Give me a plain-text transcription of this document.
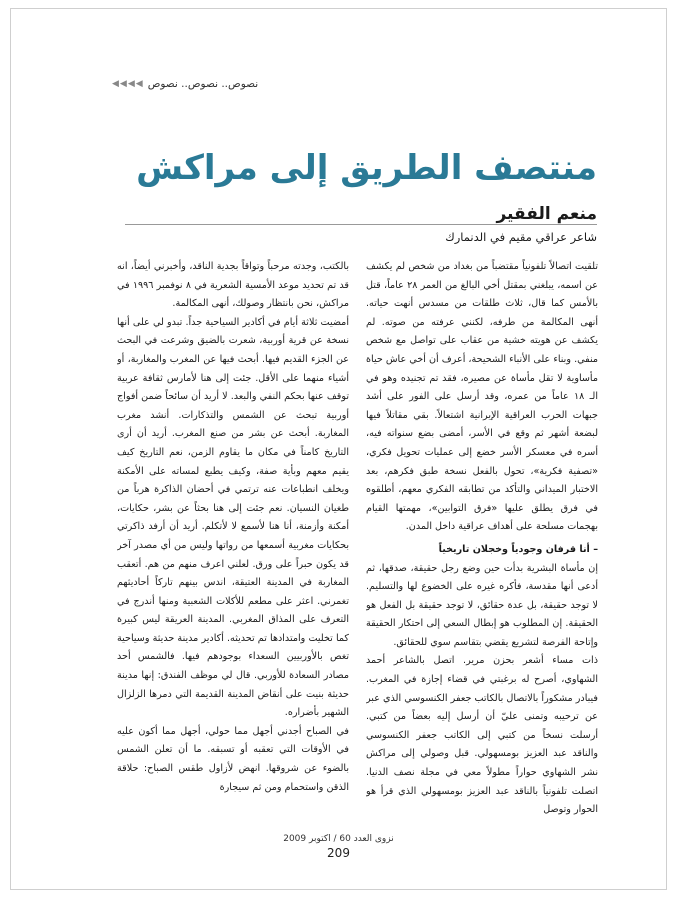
نصوص.. نصوص.. نصوص
◀◀◀◀
منتصف الطريق إلى مراكش
منعم الفقير
شاعر عراقي مقيم في الدنمارك

تلقيت اتصالاً تلفونياً مقتضباً من بغداد من شخص لم يكشف عن اسمه، يبلغني بمقتل أخي البالغ من العمر ٢٨ عاماً، قتل بالأمس كما قال، ثلاث طلقات من مسدس أنهت حياته. أنهى المكالمة من طرفه، لكنني عرفته من صوته. لم يكشف عن هويته خشية من عقاب على تواصل مع شخص منفي. وبناء على الأنباء الشحيحة، أعرف أن أخي عاش حياة مأساوية لا تقل مأساة عن مصيره، فقد تم تجنيده وهو في الـ ١٨ عاماً من عمره، وقد أرسل على الفور على أشد جبهات الحرب العراقية الإيرانية اشتعالاً. بقي مقاتلاً فيها لبضعة أشهر ثم وقع في الأسر، أمضى بضع سنواته فيه، أسره في معسكر الأسر خضع إلى عمليات تحويل فكري، «تصفية فكرية»، تحول بالفعل نسخة طبق فكرهم، بعد الاختبار الميداني والتأكد من تطابقه الفكري معهم، أطلقوه في فرق يطلق عليها «فرق التوابين»، مهمتها القيام بهجمات مسلحة على أهداف عراقية داخل المدن.

– أنا قرفان وجودياً وخجلان تاريخياً

إن مأساة البشرية بدأت حين وضع رجل حقيقة، صدقها، ثم أدعى أنها مقدسة، فأكره غيره على الخضوع لها والتسليم. لا توجد حقيقة، بل عدة حقائق، لا توجد حقيقة بل الفعل هو الحقيقة. إن المطلوب هو إبطال السعي إلى احتكار الحقيقة وإتاحة الفرصة لتشريع يقضي بتقاسم سوي للحقائق.

ذات مساء أشعر بحزن مرير. اتصل بالشاعر أحمد الشهاوي، أصرح له برغبتي في قضاء إجازة في المغرب. فيبادر مشكوراً بالاتصال بالكاتب جعفر الكنسوسي الذي عبر عن ترحيبه وتمنى عليّ أن أرسل إليه بعضاً من كتبي. أرسلت نسخاً من كتبي إلى الكاتب جعفر الكنسوسي والناقد عبد العزيز بومسهولي. قبل وصولي إلى مراكش نشر الشهاوي حواراً مطولاً معي في مجلة نصف الدنيا. اتصلت تلفونياً بالناقد عبد العزيز بومسهولي الذي قرأ هو الحوار وتوصل

بالكتب، وجدته مرحباً وتواقاً بجدية الناقد، وأخبرني أيضاً، انه قد تم تحديد موعد الأمسية الشعرية في ٨ نوفمبر ١٩٩٦ في مراكش، نحن بانتظار وصولك، أنهى المكالمة.

أمضيت ثلاثة أيام في أكادير السياحية جداً. تبدو لي على أنها نسخة عن قرية أوربية، شعرت بالضيق وشرعت في البحث عن الجزء القديم فيها. أبحث فيها عن المغرب والمغاربة، أو أشياء منهما على الأقل. جئت إلى هنا لأمارس ثقافة عربية توقف عنها بحكم النفي والبعد. لا أريد أن سائحاً ضمن أفواج أوربية تبحث عن الشمس والتذكارات. أنشد مغرب المغاربة. أبحث عن بشر من صنع المغرب. أريد أن أرى التاريخ كامناً في مكان ما يقاوم الزمن، نعم التاريخ كيف يقيم معهم وبأية صفة، وكيف يطبع لمساته على الأمكنة ويخلف انطباعات عنه ترتمي في أحضان الذاكرة هرباً من طغيان النسيان. نعم جئت إلى هنا بحثاً عن بشر، حكايات، أمكنة وأزمنة، أنا هنا لأسمع لا لأتكلم. أريد أن أرفد ذاكرتي بحكايات مغربية أسمعها من رواتها وليس من أي مصدر آخر قد يكون حبراً على ورق. لعلني اعرف منهم من هم. أتعقب المغاربة في المدينة العتيقة، اندس بينهم تاركاً أحاديثهم تغمرني. اعثر على مطعم للأكلات الشعبية ومنها أندرج في التعرف على المذاق المغربي. المدينة العريقة ليس كبيرة كما تخليت وامتدادها تم تحديثه. أكادير مدينة حديثة وسياحية تغص بالأوربيين السعداء بوجودهم فيها. فالشمس أحد مصادر السعادة للأوربي. قال لي موظف الفندق: إنها مدينة حديثة بنيت على أنقاض المدينة القديمة التي دمرها الزلزال الشهير بأضراره.

في الصباح أجدني أجهل مما حولي، أجهل مما أكون عليه في الأوقات التي تعقبه أو تسبقه. ما أن تعلن الشمس بالضوء عن شروقها. انهض لأزاول طقس الصباح: حلاقة الذقن واستحمام ومن ثم سيجارة

نزوى العدد 60 / اكتوبر 2009
209
